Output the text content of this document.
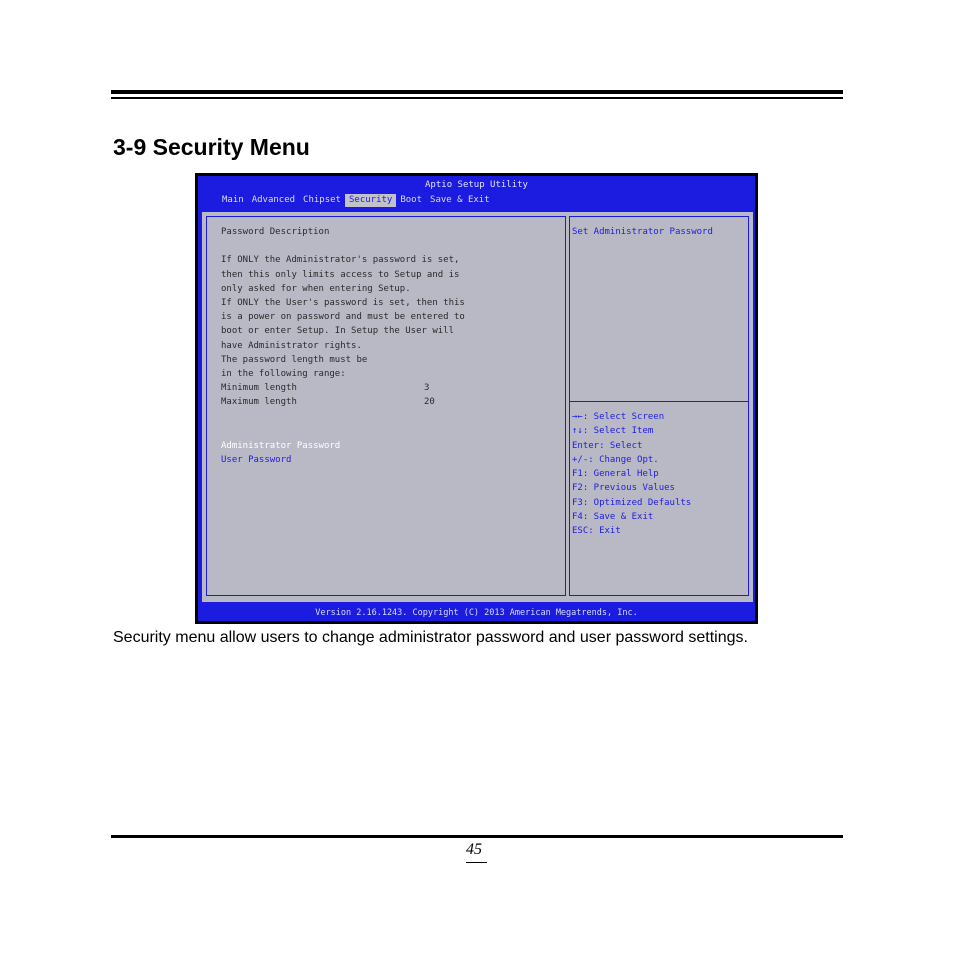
3-9 Security Menu
Aptio Setup Utility
Main Advanced Chipset Security Boot Save & Exit
Password Description
If ONLY the Administrator's password is set,
then this only limits access to Setup and is
only asked for when entering Setup.
If ONLY the User's password is set, then this
is a power on password and must be entered to
boot or enter Setup. In Setup the User will
have Administrator rights.
The password length must be
in the following range:
Minimum length	3
Maximum length	20
Administrator Password
User Password
Set Administrator Password
→←: Select Screen
↑↓: Select Item
Enter: Select
+/-: Change Opt.
F1: General Help
F2: Previous Values
F3: Optimized Defaults
F4: Save & Exit
ESC: Exit
Version 2.16.1243. Copyright (C) 2013 American Megatrends, Inc.

Security menu allow users to change administrator password and user password settings.

45
